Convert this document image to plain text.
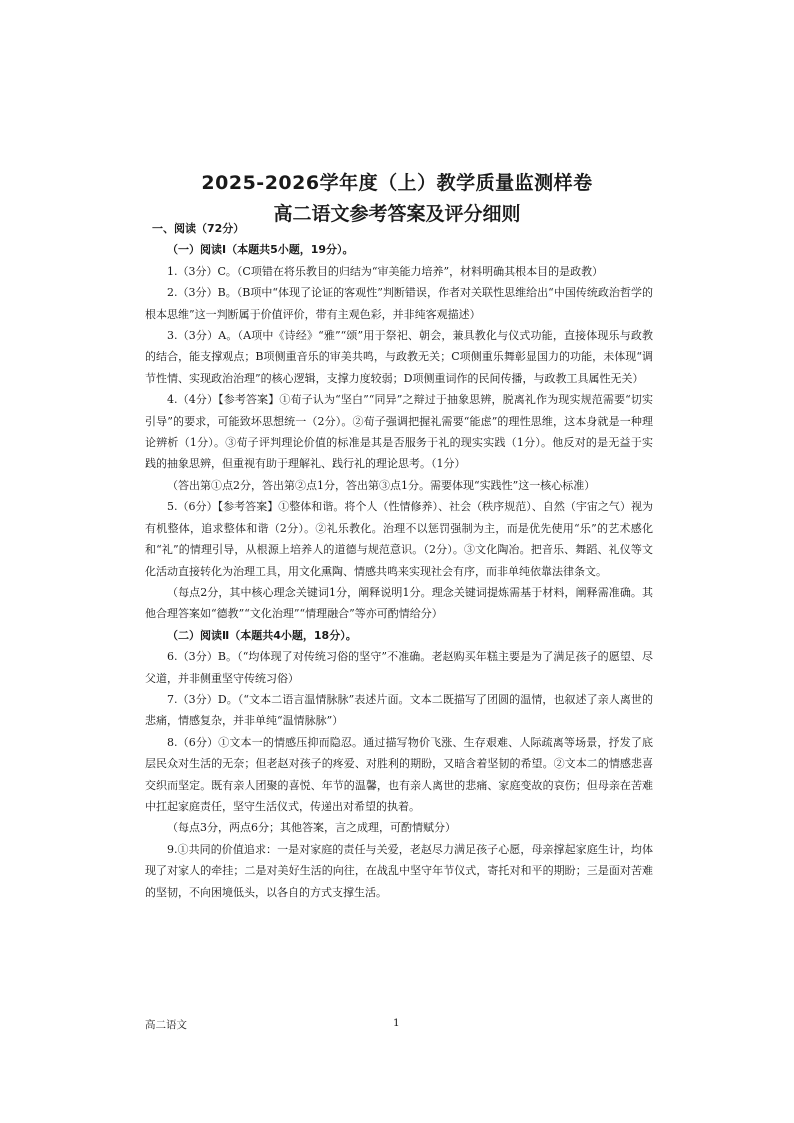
2025-2026学年度（上）教学质量监测样卷
高二语文参考答案及评分细则

一、阅读（72分）

（一）阅读Ⅰ（本题共5小题，19分）。

1.（3分）C。（C项错在将乐教目的归结为“审美能力培养”，材料明确其根本目的是政教）

2.（3分）B。（B项中“体现了论证的客观性”判断错误，作者对关联性思维给出“中国传统政治哲学的根本思维”这一判断属于价值评价，带有主观色彩，并非纯客观描述）

3.（3分）A。（A项中《诗经》“雅”“颂”用于祭祀、朝会，兼具教化与仪式功能，直接体现乐与政教的结合，能支撑观点；B项侧重音乐的审美共鸣，与政教无关；C项侧重乐舞彰显国力的功能，未体现“调节性情、实现政治治理”的核心逻辑，支撑力度较弱；D项侧重词作的民间传播，与政教工具属性无关）

4.（4分）【参考答案】①荀子认为“坚白”“同异”之辩过于抽象思辨，脱离礼作为现实规范需要“切实引导”的要求，可能致坏思想统一（2分）。②荀子强调把握礼需要“能虑”的理性思维，这本身就是一种理论辨析（1分）。③荀子评判理论价值的标准是其是否服务于礼的现实实践（1分）。他反对的是无益于实践的抽象思辨，但重视有助于理解礼、践行礼的理论思考。（1分）

（答出第①点2分，答出第②点1分，答出第③点1分。需要体现“实践性”这一核心标准）

5.（6分）【参考答案】①整体和谐。将个人（性情修养）、社会（秩序规范）、自然（宇宙之气）视为有机整体，追求整体和谐（2分）。②礼乐教化。治理不以惩罚强制为主，而是优先使用“乐”的艺术感化和“礼”的情理引导，从根源上培养人的道德与规范意识。（2分）。③文化陶冶。把音乐、舞蹈、礼仪等文化活动直接转化为治理工具，用文化熏陶、情感共鸣来实现社会有序，而非单纯依靠法律条文。

（每点2分，其中核心理念关键词1分，阐释说明1分。理念关键词提炼需基于材料，阐释需准确。其他合理答案如“德教”“文化治理”“情理融合”等亦可酌情给分）

（二）阅读Ⅱ（本题共4小题，18分）。

6.（3分）B。（“均体现了对传统习俗的坚守”不准确。老赵购买年糕主要是为了满足孩子的愿望、尽父道，并非侧重坚守传统习俗）

7.（3分）D。（“文本二语言温情脉脉”表述片面。文本二既描写了团圆的温情，也叙述了亲人离世的悲痛，情感复杂，并非单纯“温情脉脉”）

8.（6分）①文本一的情感压抑而隐忍。通过描写物价飞涨、生存艰难、人际疏离等场景，抒发了底层民众对生活的无奈；但老赵对孩子的疼爱、对胜利的期盼，又暗含着坚韧的希望。②文本二的情感悲喜交织而坚定。既有亲人团聚的喜悦、年节的温馨，也有亲人离世的悲痛、家庭变故的哀伤；但母亲在苦难中扛起家庭责任，坚守生活仪式，传递出对希望的执着。

（每点3分，两点6分；其他答案，言之成理，可酌情赋分）

9.①共同的价值追求：一是对家庭的责任与关爱，老赵尽力满足孩子心愿，母亲撑起家庭生计，均体现了对家人的牵挂；二是对美好生活的向往，在战乱中坚守年节仪式，寄托对和平的期盼；三是面对苦难的坚韧，不向困境低头，以各自的方式支撑生活。

高二语文	1
